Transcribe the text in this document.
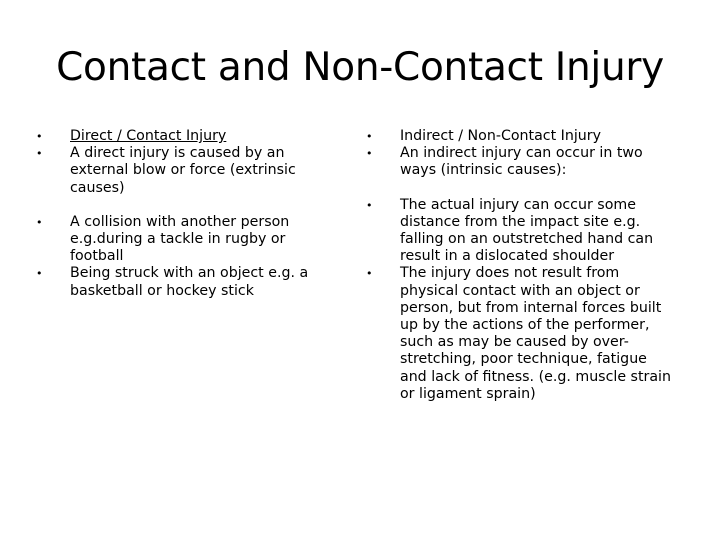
Contact and Non-Contact Injury
• Direct / Contact Injury
• A direct injury is caused by an external blow or force (extrinsic causes)
• A collision with another person e.g.during a tackle in rugby or football
• Being struck with an object e.g. a basketball or hockey stick
• Indirect / Non-Contact Injury
• An indirect injury can occur in two ways (intrinsic causes):
• The actual injury can occur some distance from the impact site e.g. falling on an outstretched hand can result in a dislocated shoulder
• The injury does not result from physical contact with an object or person, but from internal forces built up by the actions of the performer, such as may be caused by over-stretching, poor technique, fatigue and lack of fitness. (e.g. muscle strain or ligament sprain)
